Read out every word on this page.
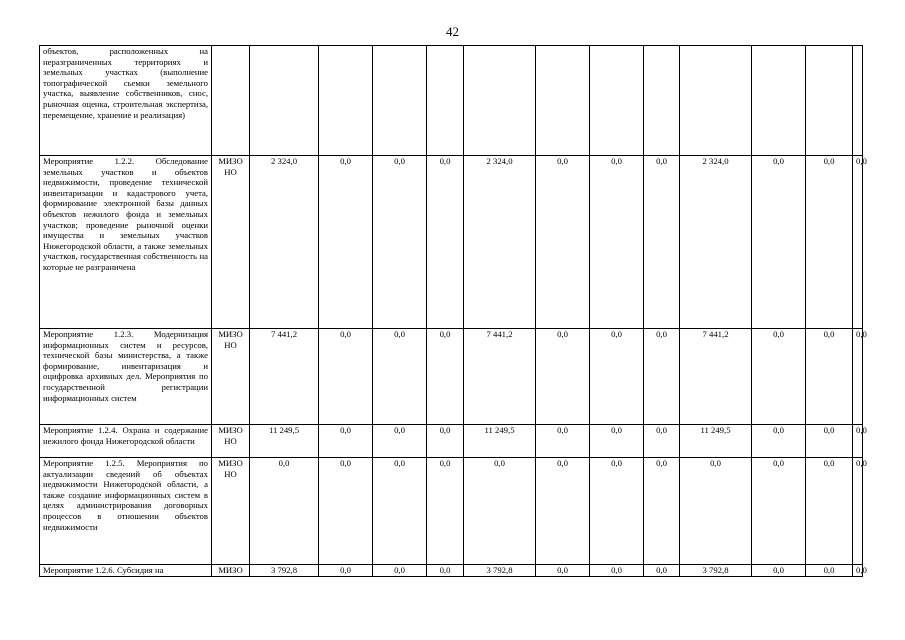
42
объектов, расположенных на неразграниченных территориях и земельных участках (выполнение топографической сьемки земельного участка, выявление собственников, снос, рыночная оценка, строительная экспертиза, перемещение, хранение и реализация)													
Мероприятие 1.2.2. Обследование земельных участков и объектов недвижимости, проведение технической инвентаризации и кадастрового учета, формирование электронной базы данных объектов нежилого фонда и земельных участков; проведение рыночной оценки имущества и земельных участков Нижегородской области, а также земельных участков, государственная собственность на которые не разграничена	МИЗО НО	2 324,0	0,0	0,0	0,0	2 324,0	0,0	0,0	0,0	2 324,0	0,0	0,0	0,0
Мероприятие 1.2.3. Модернизация информационных систем и ресурсов, технической базы министерства, а также формирование, инвентаризация и оцифровка архивных дел. Мероприятия по государственной регистрации информационных систем	МИЗО НО	7 441,2	0,0	0,0	0,0	7 441,2	0,0	0,0	0,0	7 441,2	0,0	0,0	0,0
Мероприятие 1.2.4. Охрана и содержание нежилого фонда Нижегородской области	МИЗО НО	11 249,5	0,0	0,0	0,0	11 249,5	0,0	0,0	0,0	11 249,5	0,0	0,0	0,0
Мероприятие 1.2.5. Мероприятия по актуализации сведений об объектах недвижимости Нижегородской области, а также создание информационных систем в целях администрирования договорных процессов в отношении объектов недвижимости	МИЗО НО	0,0	0,0	0,0	0,0	0,0	0,0	0,0	0,0	0,0	0,0	0,0	0,0
Мероприятие 1.2.6. Субсидия на	МИЗО	3 792,8	0,0	0,0	0,0	3 792,8	0,0	0,0	0,0	3 792,8	0,0	0,0	0,0
